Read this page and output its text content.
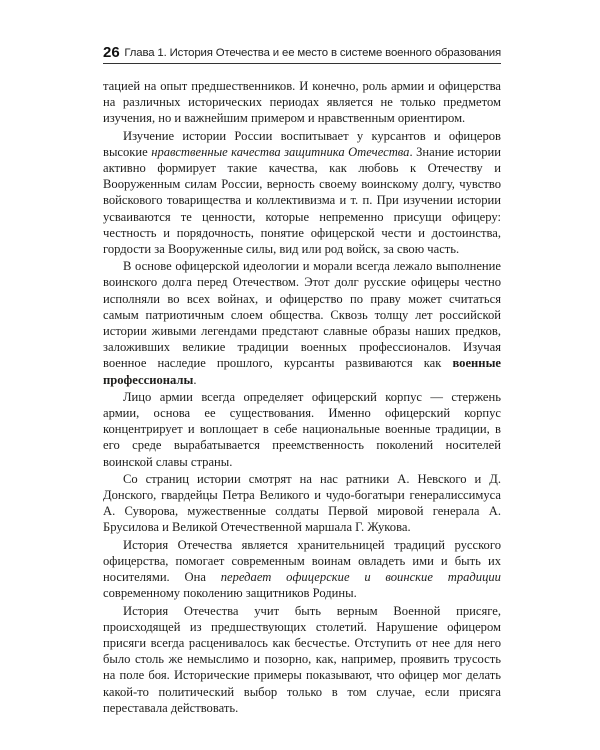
26 Глава 1. История Отечества и ее место в системе военного образования

тацией на опыт предшественников. И конечно, роль армии и офицерства на различных исторических периодах является не только предметом изучения, но и важнейшим примером и нравственным ориентиром.

Изучение истории России воспитывает у курсантов и офицеров высокие нравственные качества защитника Отечества. Знание истории активно формирует такие качества, как любовь к Отечеству и Вооруженным силам России, верность своему воинскому долгу, чувство войскового товарищества и коллективизма и т. п. При изучении истории усваиваются те ценности, которые непременно присущи офицеру: честность и порядочность, понятие офицерской чести и достоинства, гордости за Вооруженные силы, вид или род войск, за свою часть.

В основе офицерской идеологии и морали всегда лежало выполнение воинского долга перед Отечеством. Этот долг русские офицеры честно исполняли во всех войнах, и офицерство по праву может считаться самым патриотичным слоем общества. Сквозь толщу лет российской истории живыми легендами предстают славные образы наших предков, заложивших великие традиции военных профессионалов. Изучая военное наследие прошлого, курсанты развиваются как военные профессионалы.

Лицо армии всегда определяет офицерский корпус — стержень армии, основа ее существования. Именно офицерский корпус концентрирует и воплощает в себе национальные военные традиции, в его среде вырабатывается преемственность поколений носителей воинской славы страны.

Со страниц истории смотрят на нас ратники А. Невского и Д. Донского, гвардейцы Петра Великого и чудо-богатыри генералиссимуса А. Суворова, мужественные солдаты Первой мировой генерала А. Брусилова и Великой Отечественной маршала Г. Жукова.

История Отечества является хранительницей традиций русского офицерства, помогает современным воинам овладеть ими и быть их носителями. Она передает офицерские и воинские традиции современному поколению защитников Родины.

История Отечества учит быть верным Военной присяге, происходящей из предшествующих столетий. Нарушение офицером присяги всегда расценивалось как бесчестье. Отступить от нее для него было столь же немыслимо и позорно, как, например, проявить трусость на поле боя. Исторические примеры показывают, что офицер мог делать какой-то политический выбор только в том случае, если присяга переставала действовать.
